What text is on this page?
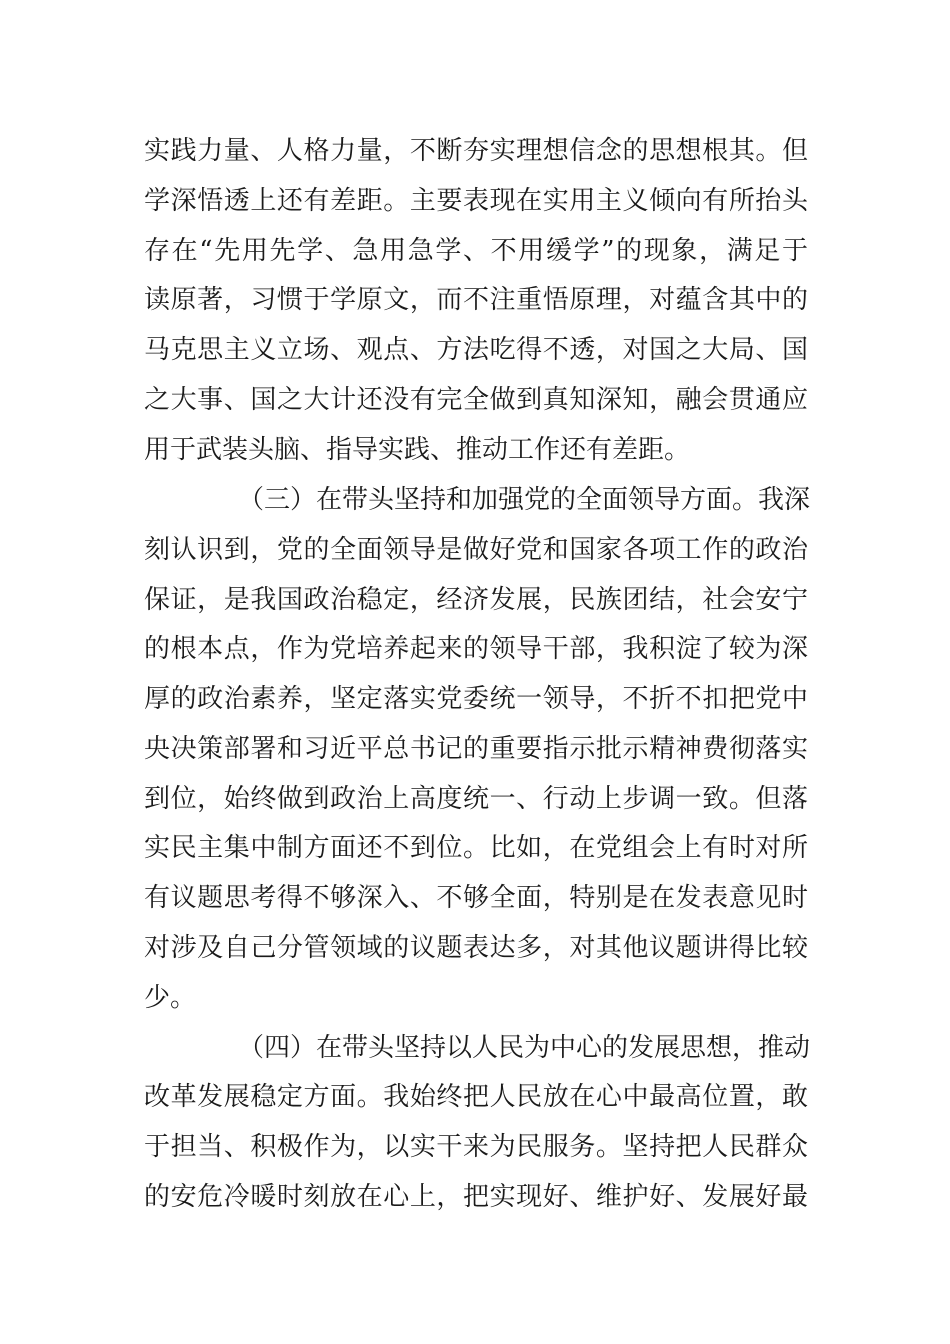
实践力量、人格力量，不断夯实理想信念的思想根其。但
学深悟透上还有差距。主要表现在实用主义倾向有所抬头
存在“先用先学、急用急学、不用缓学”的现象，满足于
读原著，习惯于学原文，而不注重悟原理，对蕴含其中的
马克思主义立场、观点、方法吃得不透，对国之大局、国
之大事、国之大计还没有完全做到真知深知，融会贯通应
用于武装头脑、指导实践、推动工作还有差距。
（三）在带头坚持和加强党的全面领导方面。我深
刻认识到，党的全面领导是做好党和国家各项工作的政治
保证，是我国政治稳定，经济发展，民族团结，社会安宁
的根本点，作为党培养起来的领导干部，我积淀了较为深
厚的政治素养，坚定落实党委统一领导，不折不扣把党中
央决策部署和习近平总书记的重要指示批示精神费彻落实
到位，始终做到政治上高度统一、行动上步调一致。但落
实民主集中制方面还不到位。比如，在党组会上有时对所
有议题思考得不够深入、不够全面，特别是在发表意见时
对涉及自己分管领域的议题表达多，对其他议题讲得比较
少。
（四）在带头坚持以人民为中心的发展思想，推动
改革发展稳定方面。我始终把人民放在心中最高位置，敢
于担当、积极作为，以实干来为民服务。坚持把人民群众
的安危冷暖时刻放在心上，把实现好、维护好、发展好最
